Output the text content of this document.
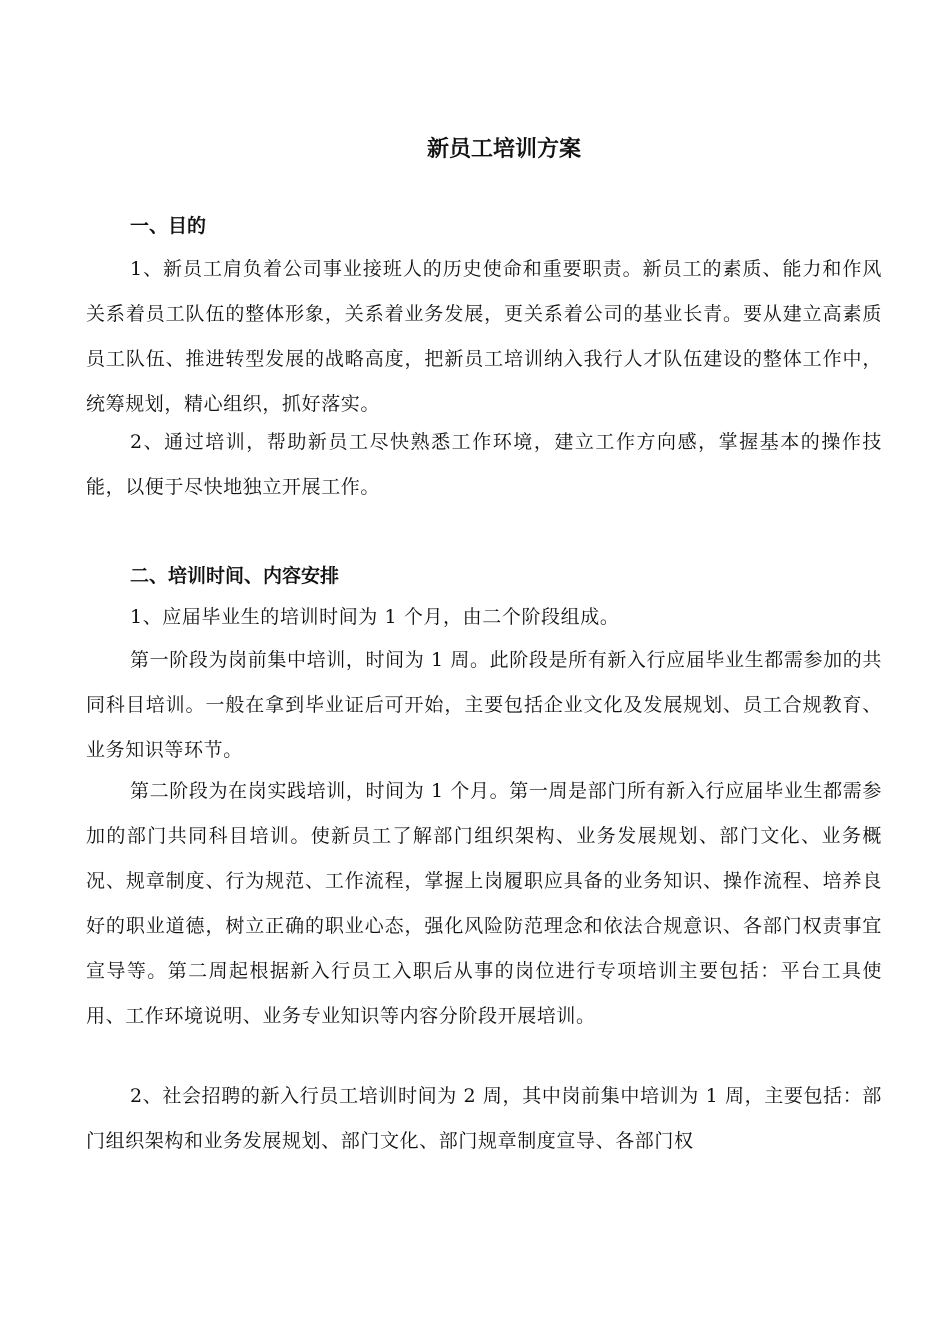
新员工培训方案
一、目的

1、新员工肩负着公司事业接班人的历史使命和重要职责。新员工的素质、能力和作风关系着员工队伍的整体形象，关系着业务发展，更关系着公司的基业长青。要从建立高素质员工队伍、推进转型发展的战略高度，把新员工培训纳入我行人才队伍建设的整体工作中，统筹规划，精心组织，抓好落实。

2、通过培训，帮助新员工尽快熟悉工作环境，建立工作方向感，掌握基本的操作技能，以便于尽快地独立开展工作。

二、培训时间、内容安排

1、应届毕业生的培训时间为 1 个月，由二个阶段组成。

第一阶段为岗前集中培训，时间为 1 周。此阶段是所有新入行应届毕业生都需参加的共同科目培训。一般在拿到毕业证后可开始，主要包括企业文化及发展规划、员工合规教育、业务知识等环节。

第二阶段为在岗实践培训，时间为 1 个月。第一周是部门所有新入行应届毕业生都需参加的部门共同科目培训。使新员工了解部门组织架构、业务发展规划、部门文化、业务概况、规章制度、行为规范、工作流程，掌握上岗履职应具备的业务知识、操作流程、培养良好的职业道德，树立正确的职业心态，强化风险防范理念和依法合规意识、各部门权责事宜宣导等。第二周起根据新入行员工入职后从事的岗位进行专项培训主要包括：平台工具使用、工作环境说明、业务专业知识等内容分阶段开展培训。

2、社会招聘的新入行员工培训时间为 2 周，其中岗前集中培训为 1 周，主要包括：部门组织架构和业务发展规划、部门文化、部门规章制度宣导、各部门权
